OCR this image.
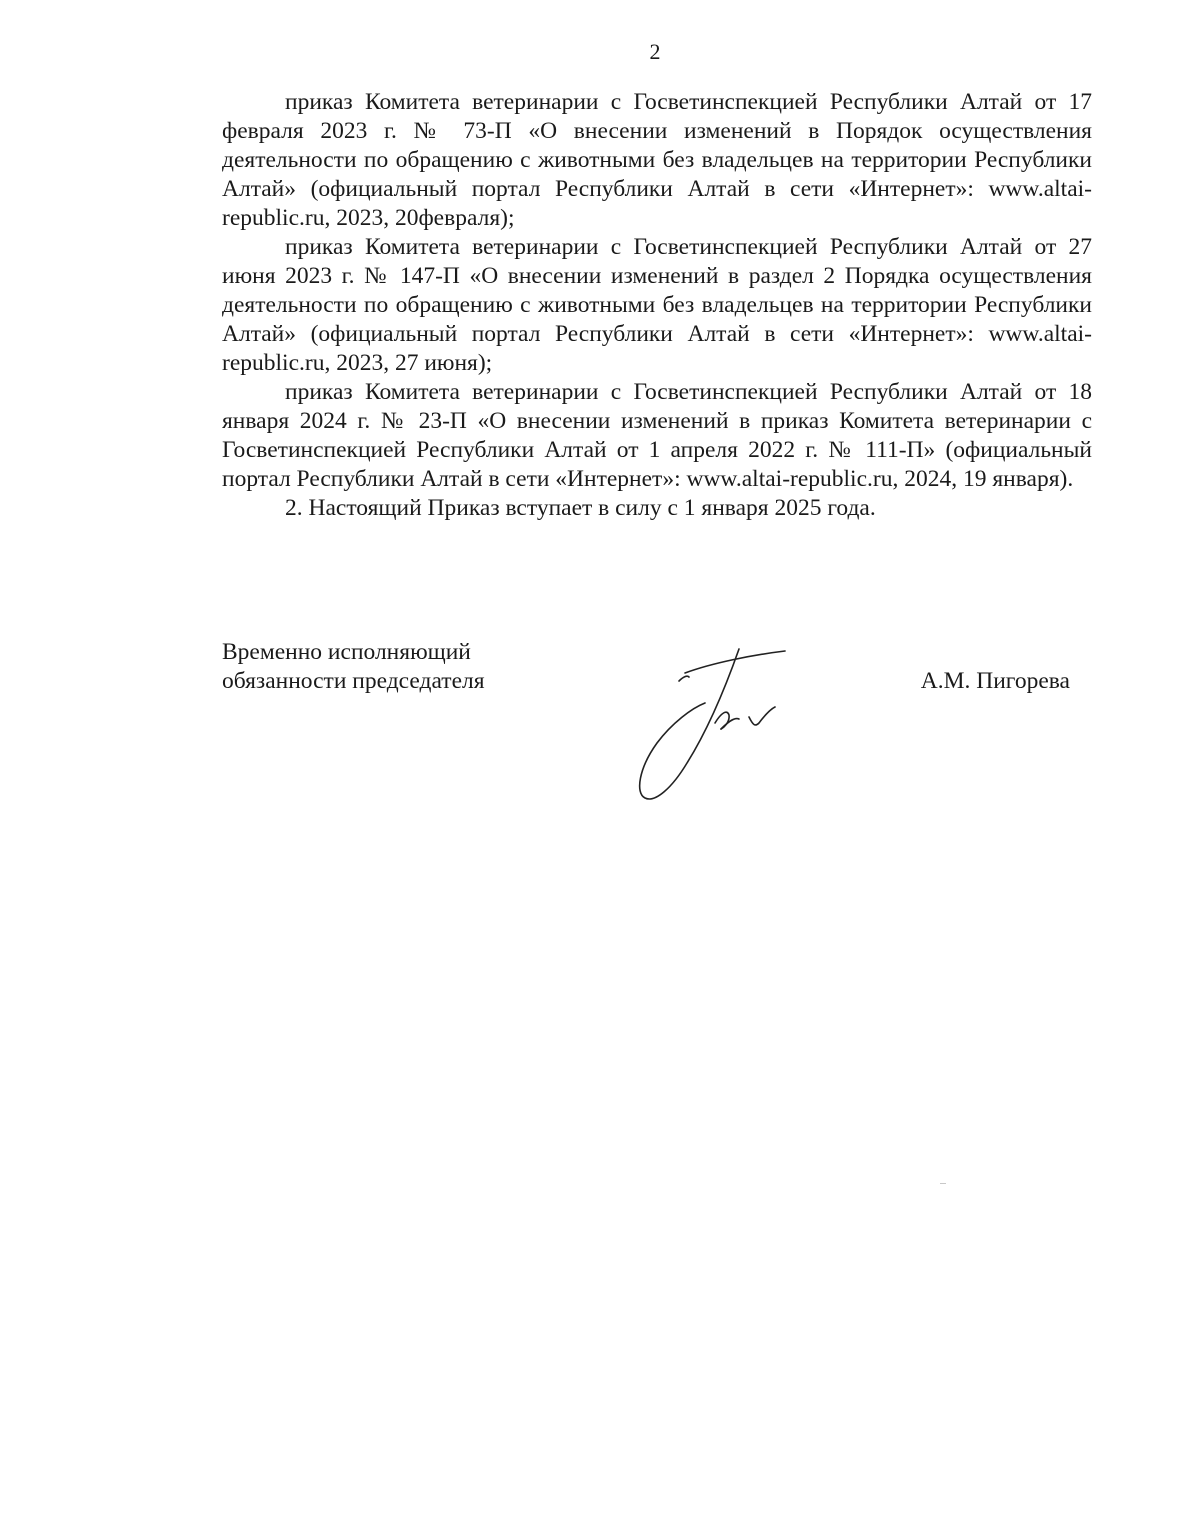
2

приказ Комитета ветеринарии с Госветинспекцией Республики Алтай от 17 февраля 2023 г. № 73-П «О внесении изменений в Порядок осуществления деятельности по обращению с животными без владельцев на территории Республики Алтай» (официальный портал Республики Алтай в сети «Интернет»: www.altai-republic.ru, 2023, 20февраля);

приказ Комитета ветеринарии с Госветинспекцией Республики Алтай от 27 июня 2023 г. № 147-П «О внесении изменений в раздел 2 Порядка осуществления деятельности по обращению с животными без владельцев на территории Республики Алтай» (официальный портал Республики Алтай в сети «Интернет»: www.altai-republic.ru, 2023, 27 июня);

приказ Комитета ветеринарии с Госветинспекцией Республики Алтай от 18 января 2024 г. № 23-П «О внесении изменений в приказ Комитета ветеринарии с Госветинспекцией Республики Алтай от 1 апреля 2022 г. № 111-П» (официальный портал Республики Алтай в сети «Интернет»: www.altai-republic.ru, 2024, 19 января).

2. Настоящий Приказ вступает в силу с 1 января 2025 года.

Временно исполняющий
обязанности председателя	А.М. Пигорева
